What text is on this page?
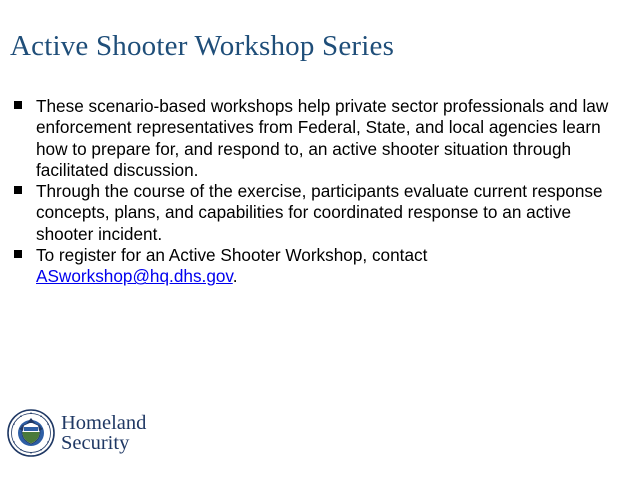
Active Shooter Workshop Series
These scenario-based workshops help private sector professionals and law enforcement representatives from Federal, State, and local agencies learn how to prepare for, and respond to, an active shooter situation through facilitated discussion.
Through the course of the exercise, participants evaluate current response concepts, plans, and capabilities for coordinated response to an active shooter incident.
To register for an Active Shooter Workshop, contact ASworkshop@hq.dhs.gov.
Homeland
Security
